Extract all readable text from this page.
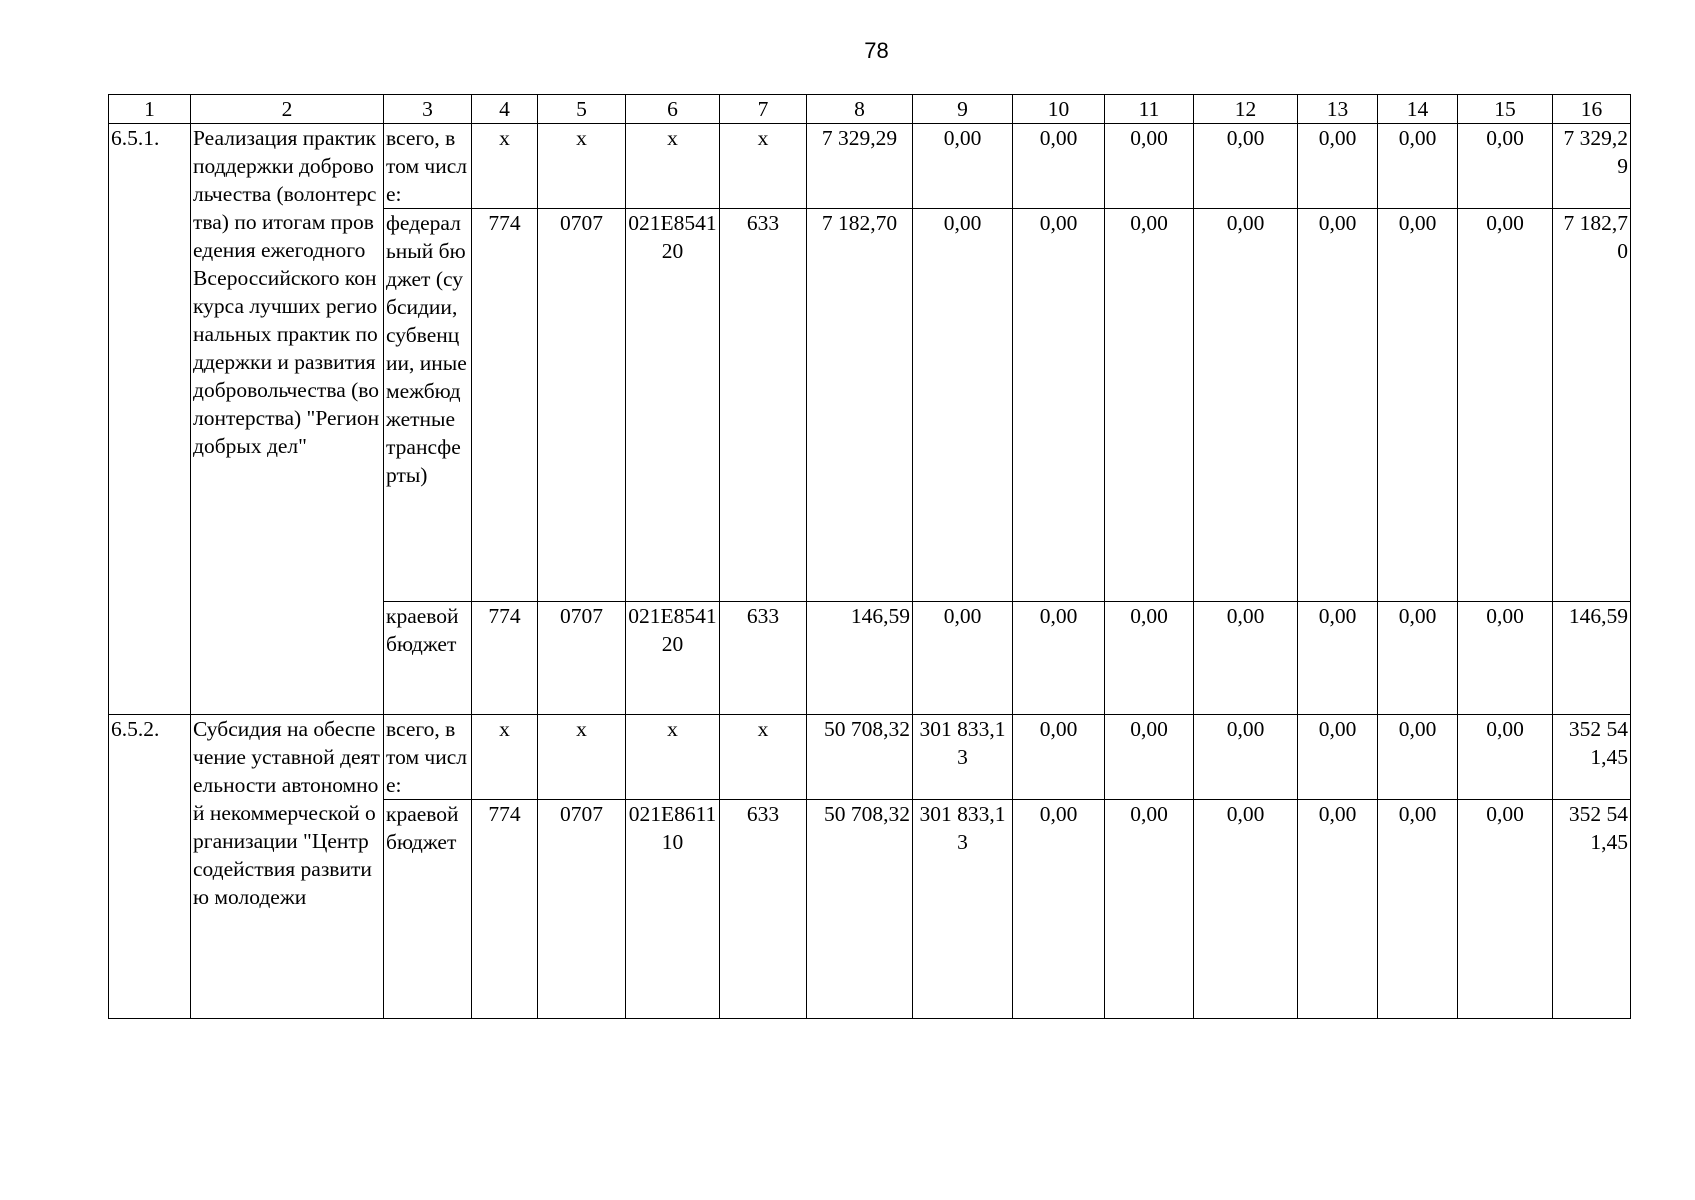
78
1	2	3	4	5	6	7	8	9	10	11	12	13	14	15	16
6.5.1.	Реализация практик поддержки добровольчества (волонтерства) по итогам проведения ежегодного Всероссийского конкурса лучших региональных практик поддержки и развития добровольчества (волонтерства) "Регион добрых дел"	всего, в том числе:	x	x	x	x	7 329,29	0,00	0,00	0,00	0,00	0,00	0,00	0,00	7 329,29
		федеральный бюджет (субсидии, субвенции, иные межбюджетные трансферты)	774	0707	021E854120	633	7 182,70	0,00	0,00	0,00	0,00	0,00	0,00	0,00	7 182,70
		краевой бюджет	774	0707	021E854120	633	146,59	0,00	0,00	0,00	0,00	0,00	0,00	0,00	146,59
6.5.2.	Субсидия на обеспечение уставной деятельности автономной некоммерческой организации "Центр содействия развитию молодежи	всего, в том числе:	x	x	x	x	50 708,32	301 833,13	0,00	0,00	0,00	0,00	0,00	0,00	352 541,45
		краевой бюджет	774	0707	021E861110	633	50 708,32	301 833,13	0,00	0,00	0,00	0,00	0,00	0,00	352 541,45
